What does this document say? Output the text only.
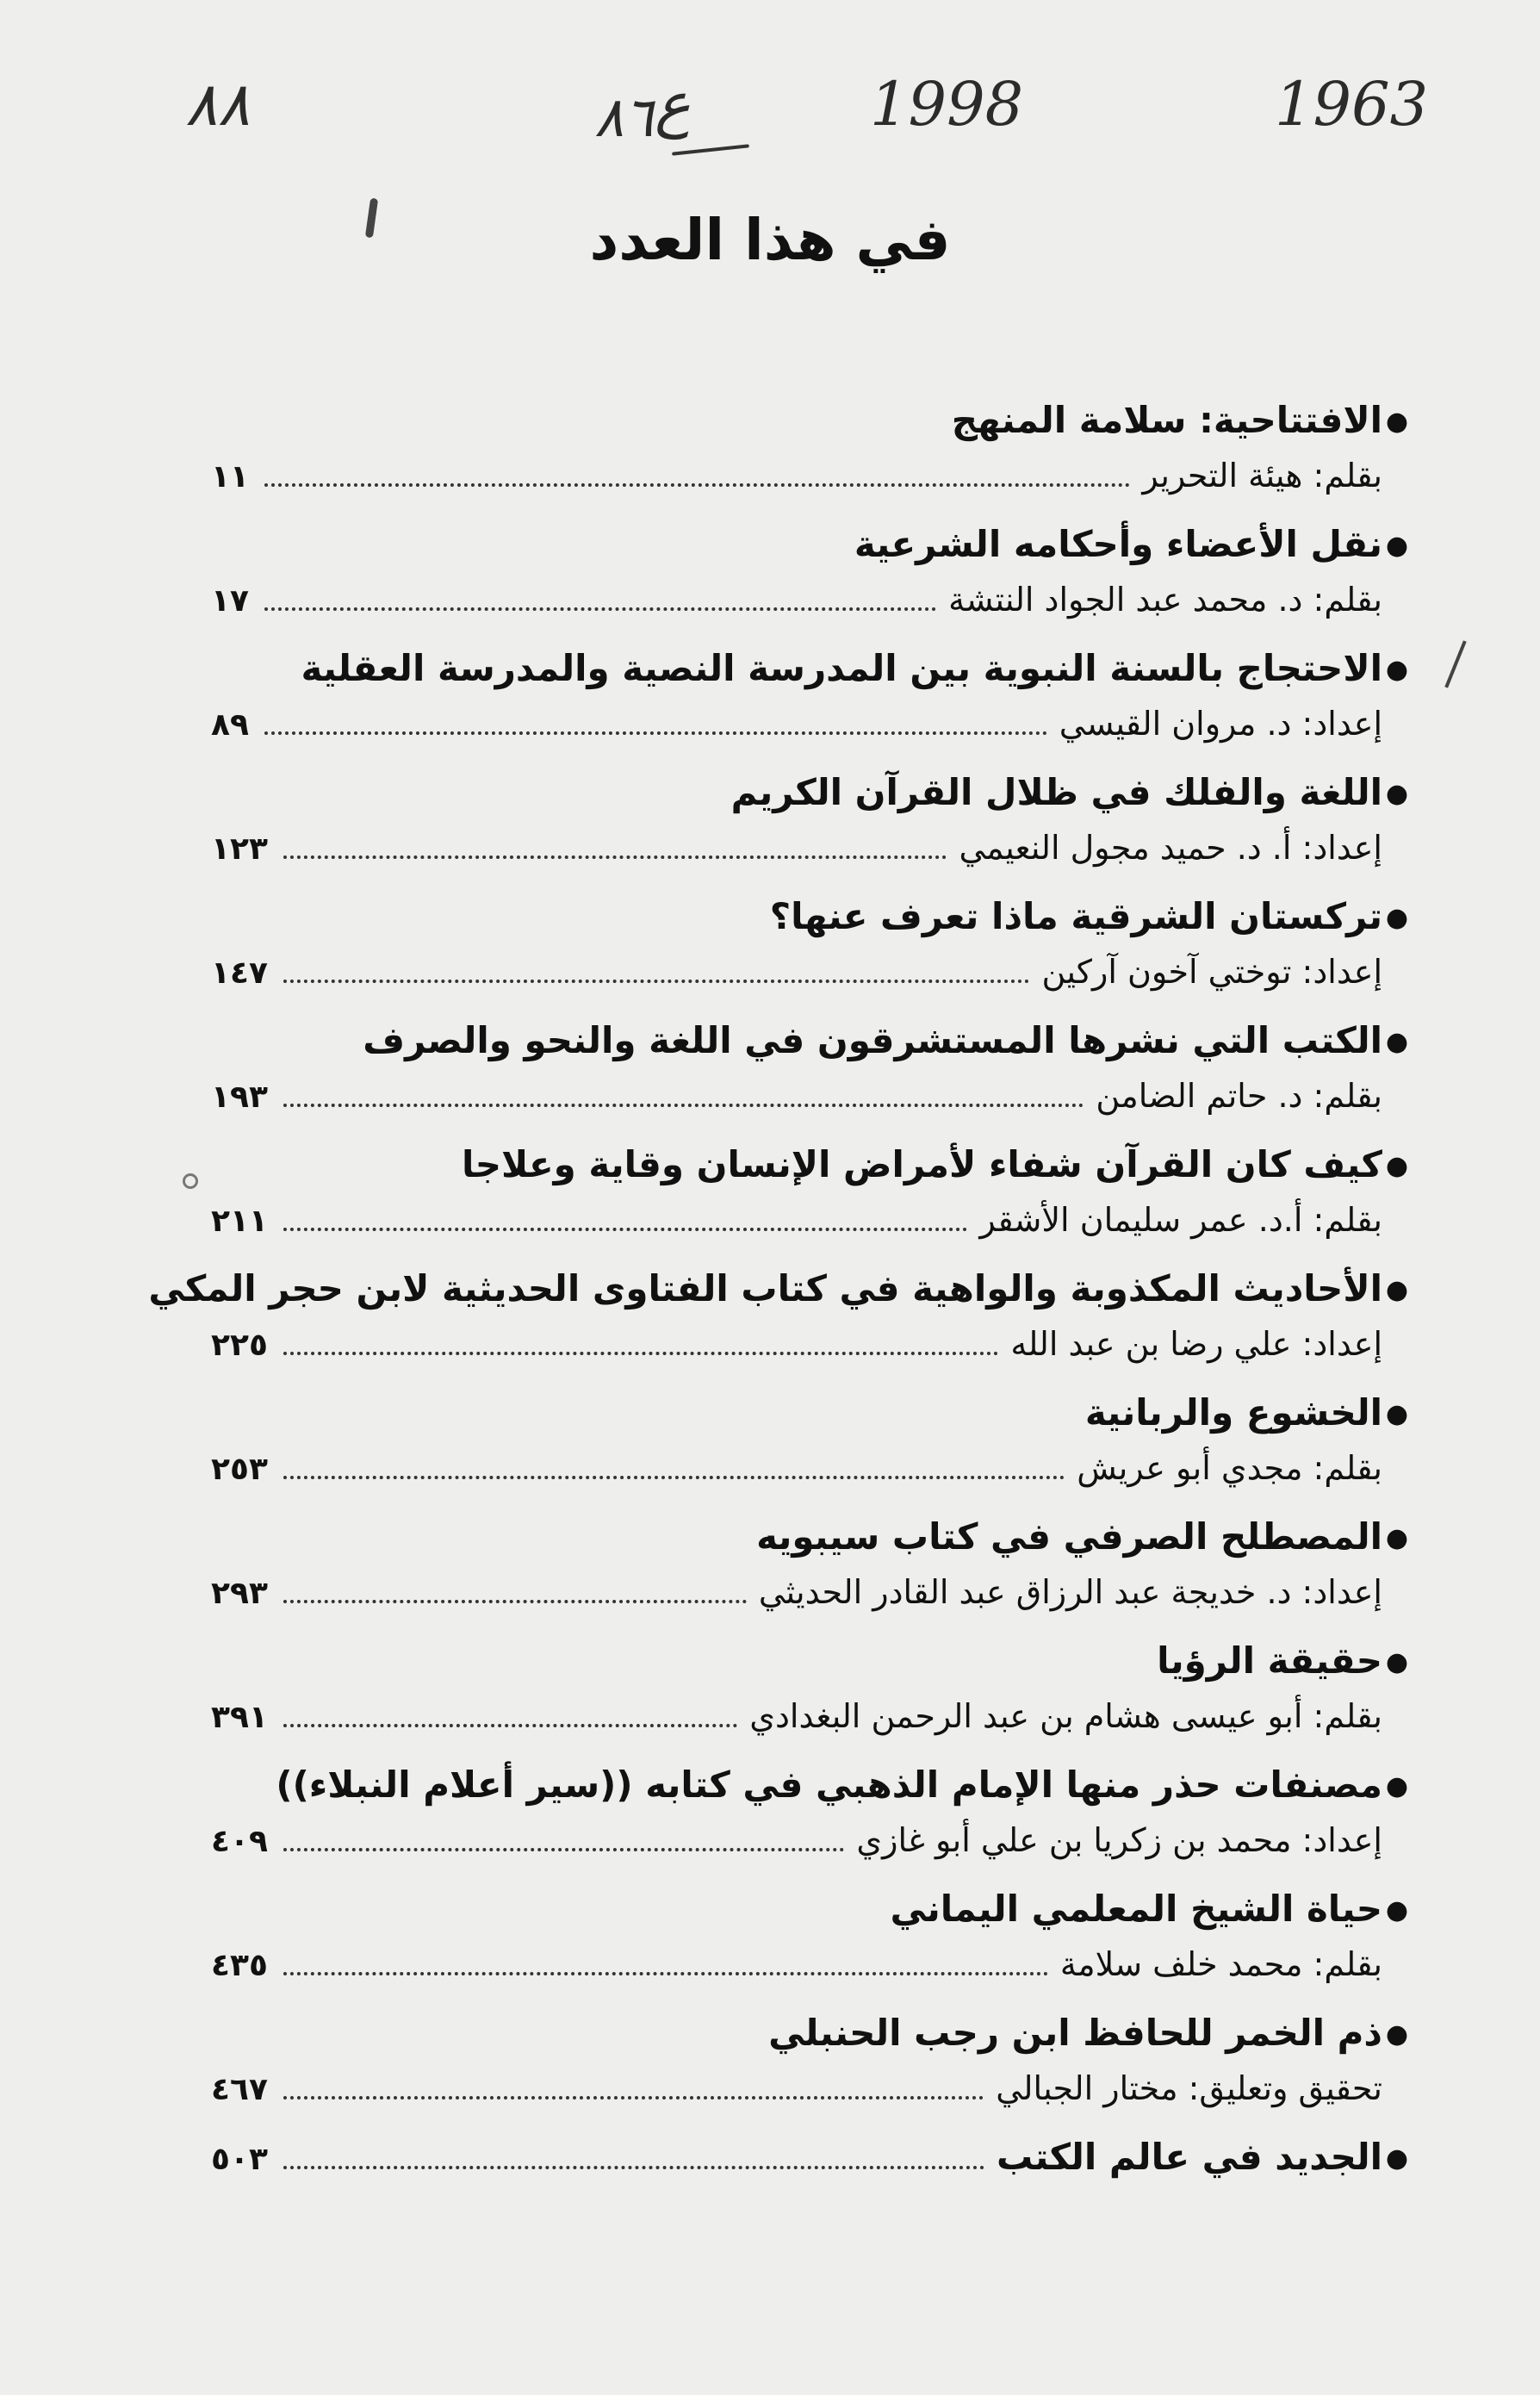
1963
1998
ع
٨٦
٨٨
في هذا العدد
●
الافتتاحية: سلامة المنهج
بقلم: هيئة التحرير
١١
●
نقل الأعضاء وأحكامه الشرعية
بقلم: د. محمد عبد الجواد النتشة
١٧
●
الاحتجاج بالسنة النبوية بين المدرسة النصية والمدرسة العقلية
إعداد: د. مروان القيسي
٨٩
●
اللغة والفلك في ظلال القرآن الكريم
إعداد: أ. د. حميد مجول النعيمي
١٢٣
●
تركستان الشرقية ماذا تعرف عنها؟
إعداد: توختي آخون آركين
١٤٧
●
الكتب التي نشرها المستشرقون في اللغة والنحو والصرف
بقلم: د. حاتم الضامن
١٩٣
●
كيف كان القرآن شفاء لأمراض الإنسان وقاية وعلاجا
بقلم: أ.د. عمر سليمان الأشقر
٢١١
●
الأحاديث المكذوبة والواهية في كتاب الفتاوى الحديثية لابن حجر المكي
إعداد: علي رضا بن عبد الله
٢٢٥
●
الخشوع والربانية
بقلم: مجدي أبو عريش
٢٥٣
●
المصطلح الصرفي في كتاب سيبويه
إعداد: د. خديجة عبد الرزاق عبد القادر الحديثي
٢٩٣
●
حقيقة الرؤيا
بقلم: أبو عيسى هشام بن عبد الرحمن البغدادي
٣٩١
●
مصنفات حذر منها الإمام الذهبي في كتابه ((سير أعلام النبلاء))
إعداد: محمد بن زكريا بن علي أبو غازي
٤٠٩
●
حياة الشيخ المعلمي اليماني
بقلم: محمد خلف سلامة
٤٣٥
●
ذم الخمر للحافظ ابن رجب الحنبلي
تحقيق وتعليق: مختار الجبالي
٤٦٧
●
الجديد في عالم الكتب
٥٠٣
